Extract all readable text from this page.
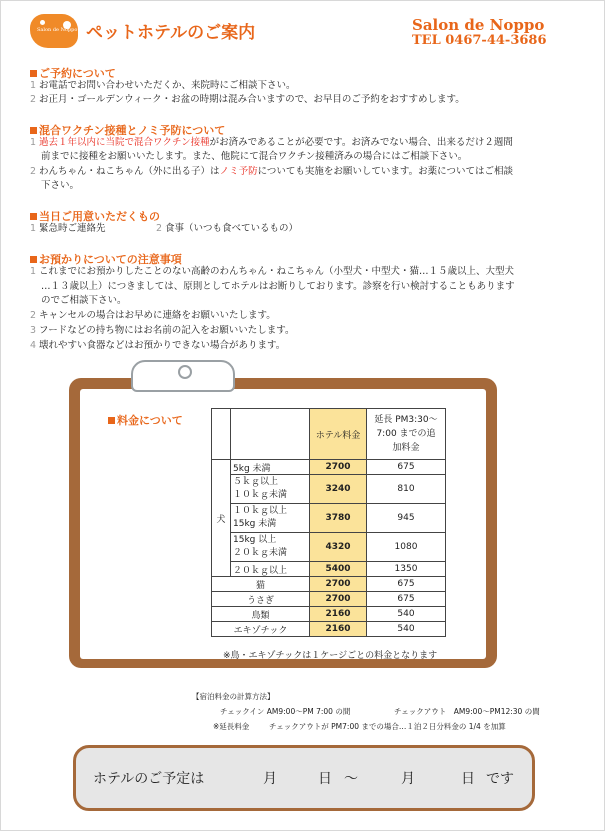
Salon de Noppo ペットホテルのご案内	Salon de Noppo
TEL 0467-44-3686
ご予約について
1 お電話でお問い合わせいただくか、来院時にご相談下さい。
2 お正月・ゴールデンウィーク・お盆の時期は混み合いますので、お早目のご予約をおすすめします。
混合ワクチン接種とノミ予防について
1 過去１年以内に当院で混合ワクチン接種がお済みであることが必要です。お済みでない場合、出来るだけ２週間
前までに接種をお願いいたします。また、他院にて混合ワクチン接種済みの場合にはご相談下さい。
2 わんちゃん・ねこちゃん（外に出る子）はノミ予防についても実施をお願いしています。お薬についてはご相談
下さい。
当日ご用意いただくもの
1 緊急時ご連絡先	2 食事（いつも食べているもの）
お預かりについての注意事項
1 これまでにお預かりしたことのない高齢のわんちゃん・ねこちゃん（小型犬・中型犬・猫…１５歳以上、大型犬
…１３歳以上）につきましては、原則としてホテルはお断りしております。診察を行い検討することもあります
のでご相談下さい。
2 キャンセルの場合はお早めに連絡をお願いいたします。
3 フードなどの持ち物にはお名前の記入をお願いいたします。
4 壊れやすい食器などはお預かりできない場合があります。
料金について
		ホテル料金	延長 PM3:30～
7:00 までの追
加料金
犬	5kg 未満	2700	675
	５ｋｇ以上
１０ｋｇ未満	3240	810
	１０ｋｇ以上
15kg 未満	3780	945
	15kg 以上
２０ｋｇ未満	4320	1080
	２０ｋｇ以上	5400	1350
猫		2700	675
うさぎ		2700	675
鳥類		2160	540
エキゾチック		2160	540
※鳥・エキゾチックは１ケージごとの料金となります
【宿泊料金の計算方法】
チェックイン AM9:00～PM 7:00 の間	チェックアウト　AM9:00～PM12:30 の間
※延長料金	チェックアウトが PM7:00 までの場合…１泊２日分料金の 1/4 を加算
ホテルのご予定は	月	日 ～	月	日 です
